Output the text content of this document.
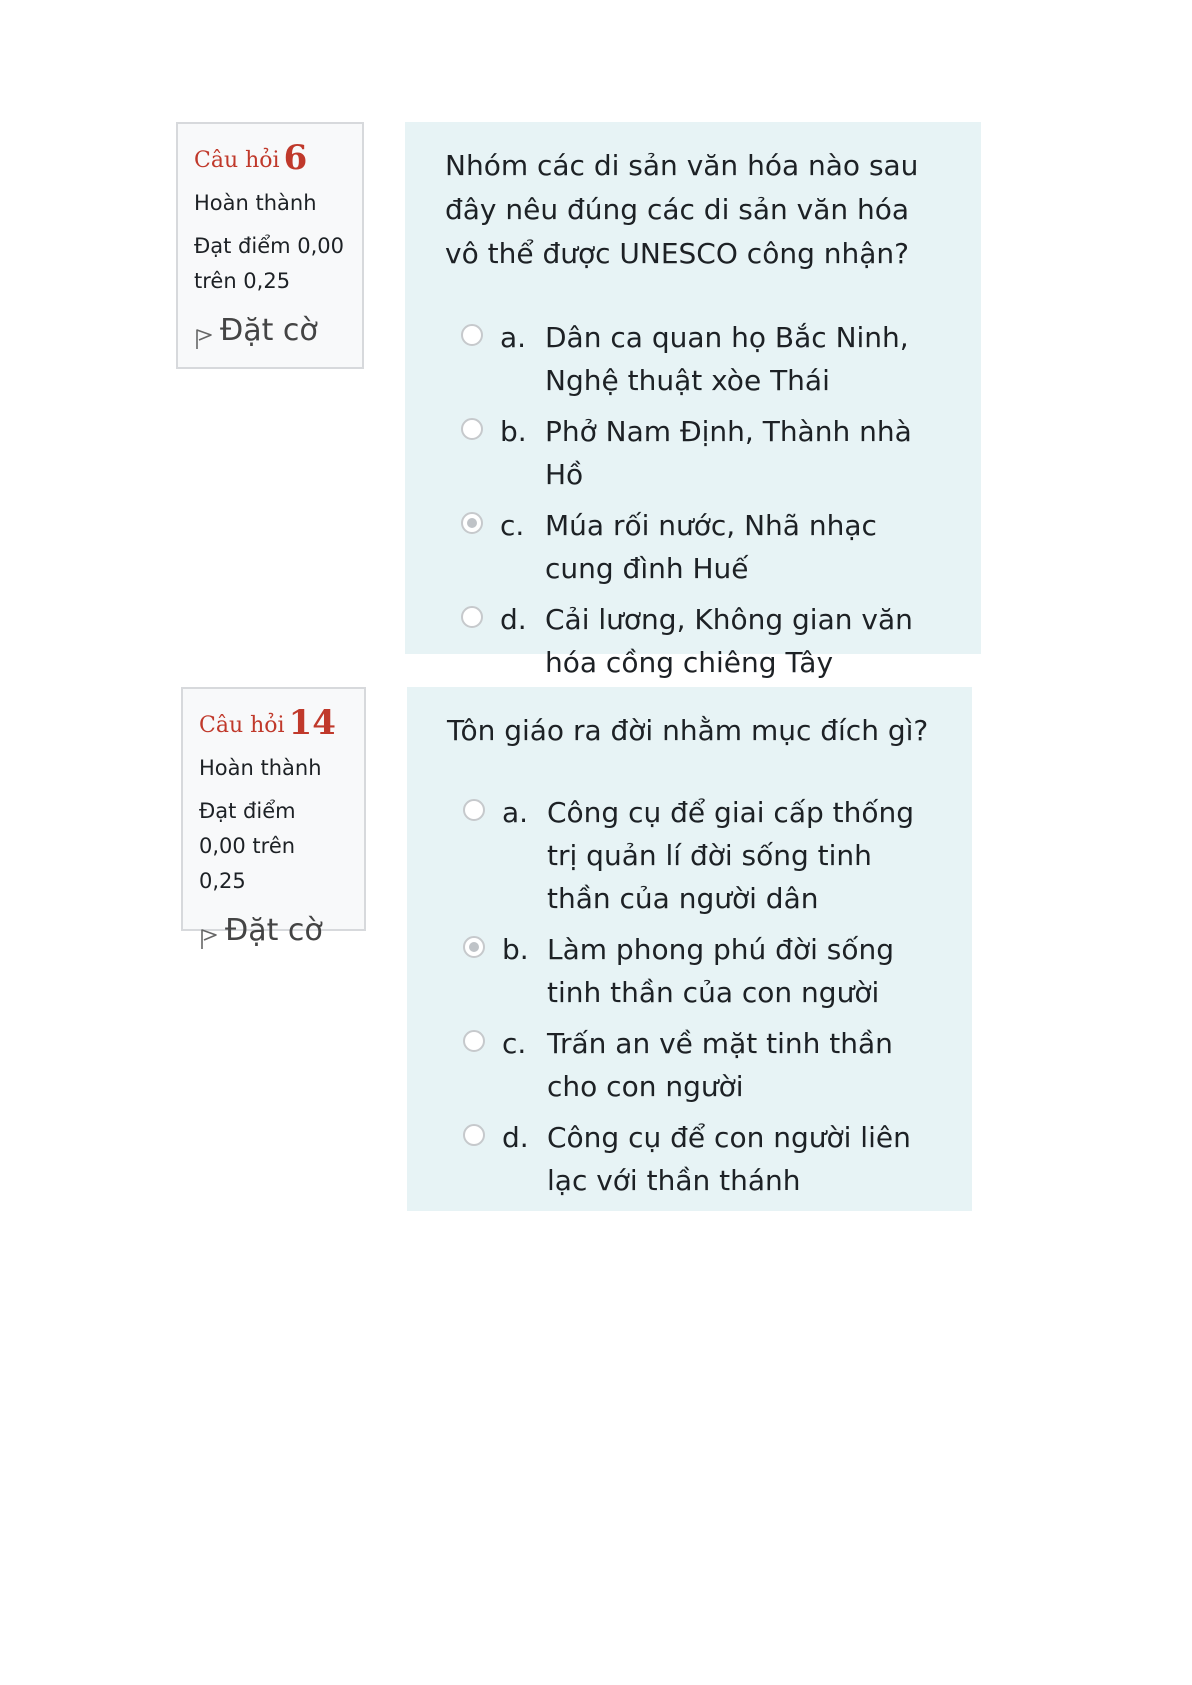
Câu hỏi 6
Hoàn thành
Đạt điểm 0,00 trên 0,25
Đặt cờ
Nhóm các di sản văn hóa nào sau đây nêu đúng các di sản văn hóa vô thể được UNESCO công nhận?
a. Dân ca quan họ Bắc Ninh, Nghệ thuật xòe Thái
b. Phở Nam Định, Thành nhà Hồ
c. Múa rối nước, Nhã nhạc cung đình Huế
d. Cải lương, Không gian văn hóa cồng chiêng Tây
Câu hỏi 14
Hoàn thành
Đạt điểm 0,00 trên 0,25
Đặt cờ
Tôn giáo ra đời nhằm mục đích gì?
a. Công cụ để giai cấp thống trị quản lí đời sống tinh thần của người dân
b. Làm phong phú đời sống tinh thần của con người
c. Trấn an về mặt tinh thần cho con người
d. Công cụ để con người liên lạc với thần thánh
